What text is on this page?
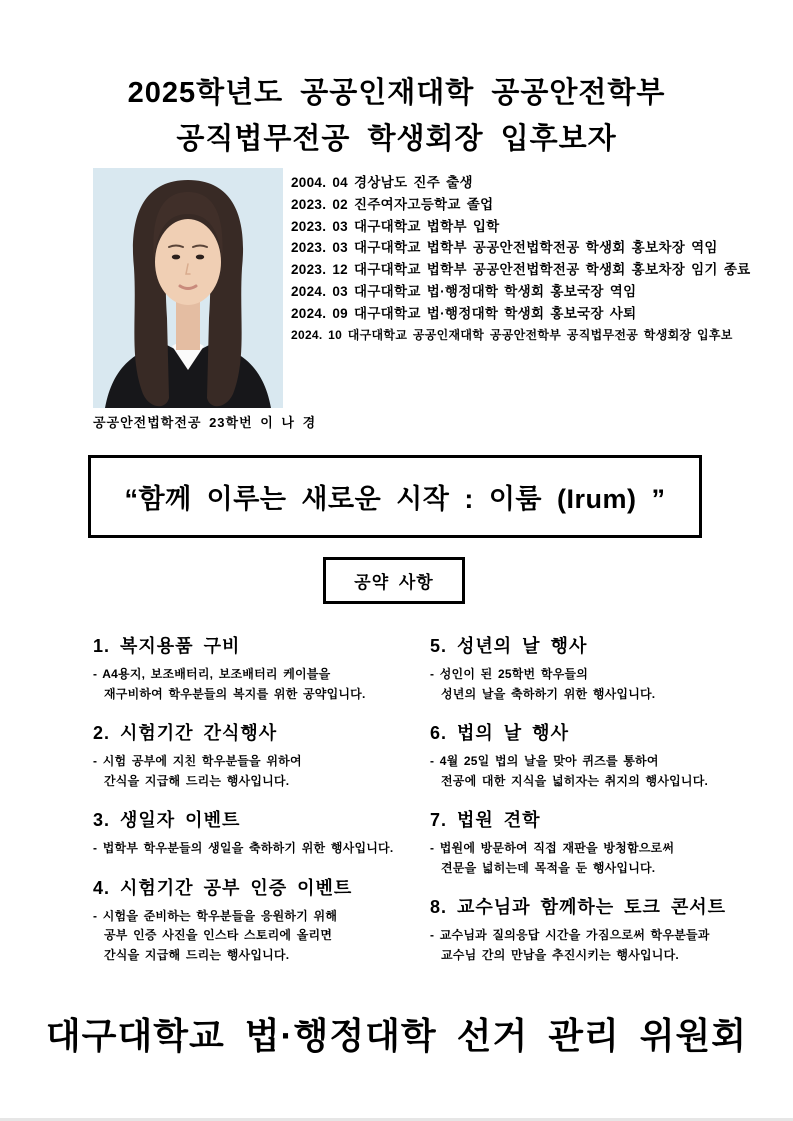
2025학년도 공공인재대학 공공안전학부
공직법무전공 학생회장 입후보자
공공안전법학전공 23학번 이 나 경
2004. 04 경상남도 진주 출생
2023. 02 진주여자고등학교 졸업
2023. 03 대구대학교 법학부 입학
2023. 03 대구대학교 법학부 공공안전법학전공 학생회 홍보차장 역임
2023. 12 대구대학교 법학부 공공안전법학전공 학생회 홍보차장 임기 종료
2024. 03 대구대학교 법·행정대학 학생회 홍보국장 역임
2024. 09 대구대학교 법·행정대학 학생회 홍보국장 사퇴
2024. 10 대구대학교 공공인재대학 공공안전학부 공직법무전공 학생회장 입후보
“함께 이루는 새로운 시작 : 이룸 (Irum) ”
공약 사항
1. 복지용품 구비

- A4용지, 보조배터리, 보조배터리 케이블을

재구비하여 학우분들의 복지를 위한 공약입니다.

2. 시험기간 간식행사

- 시험 공부에 지친 학우분들을 위하여

간식을 지급해 드리는 행사입니다.

3. 생일자 이벤트

- 법학부 학우분들의 생일을 축하하기 위한 행사입니다.

4. 시험기간 공부 인증 이벤트

- 시험을 준비하는 학우분들을 응원하기 위해

공부 인증 사진을 인스타 스토리에 올리면

간식을 지급해 드리는 행사입니다.

5. 성년의 날 행사

- 성인이 된 25학번 학우들의

성년의 날을 축하하기 위한 행사입니다.

6. 법의 날 행사

- 4월 25일 법의 날을 맞아 퀴즈를 통하여

전공에 대한 지식을 넓히자는 취지의 행사입니다.

7. 법원 견학

- 법원에 방문하여 직접 재판을 방청함으로써

견문을 넓히는데 목적을 둔 행사입니다.

8. 교수님과 함께하는 토크 콘서트

- 교수님과 질의응답 시간을 가짐으로써 학우분들과

교수님 간의 만남을 추진시키는 행사입니다.

대구대학교 법·행정대학 선거 관리 위원회
